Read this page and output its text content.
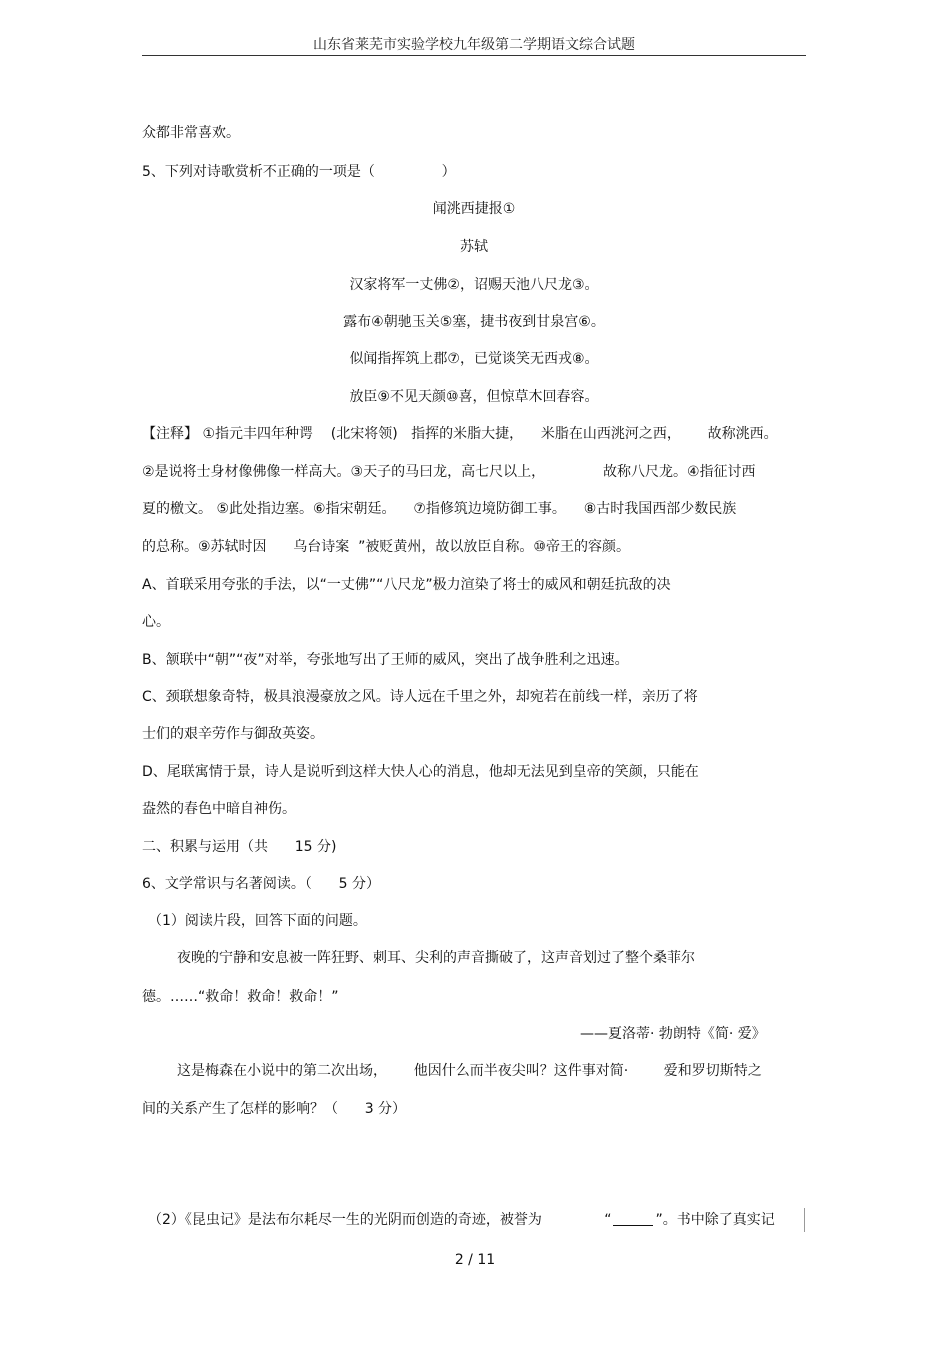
山东省莱芜市实验学校九年级第二学期语文综合试题
众都非常喜欢。
5、下列对诗歌赏析不正确的一项是（               ）
闻洮西捷报①
苏轼
汉家将军一丈佛②，诏赐天池八尺龙③。
露布④朝驰玉关⑤塞，捷书夜到甘泉宫⑥。
似闻指挥筑上郡⑦，已觉谈笑无西戎⑧。
放臣⑨不见天颜⑩喜，但惊草木回春容。
【注释】 ①指元丰四年种谔    (北宋将领)   指挥的米脂大捷，    米脂在山西洮河之西，      故称洮西。
②是说将士身材像佛像一样高大。③天子的马曰龙，高七尺以上，             故称八尺龙。④指征讨西
夏的檄文。 ⑤此处指边塞。⑥指宋朝廷。    ⑦指修筑边境防御工事。    ⑧古时我国西部少数民族
的总称。⑨苏轼时因      乌台诗案  ”被贬黄州，故以放臣自称。⑩帝王的容颜。
A、首联采用夸张的手法，以“一丈佛”“八尺龙”极力渲染了将士的威风和朝廷抗敌的决
心。
B、颔联中“朝”“夜”对举，夸张地写出了王师的威风，突出了战争胜利之迅速。
C、颈联想象奇特，极具浪漫豪放之风。诗人远在千里之外，却宛若在前线一样，亲历了将
士们的艰辛劳作与御敌英姿。
D、尾联寓情于景，诗人是说听到这样大快人心的消息，他却无法见到皇帝的笑颜，只能在
盎然的春色中暗自神伤。
二、积累与运用（共      15 分)
6、文学常识与名著阅读。（      5 分）
（1）阅读片段，回答下面的问题。
夜晚的宁静和安息被一阵狂野、刺耳、尖利的声音撕破了，这声音划过了整个桑菲尔
德。……“救命！救命！救命！”
——夏洛蒂· 勃朗特《简· 爱》
这是梅森在小说中的第二次出场，      他因什么而半夜尖叫？这件事对简·        爱和罗切斯特之
间的关系产生了怎样的影响？（      3 分）
（2）《昆虫记》是法布尔耗尽一生的光阴而创造的奇迹，被誉为              “	”。书中除了真实记
2 / 11
